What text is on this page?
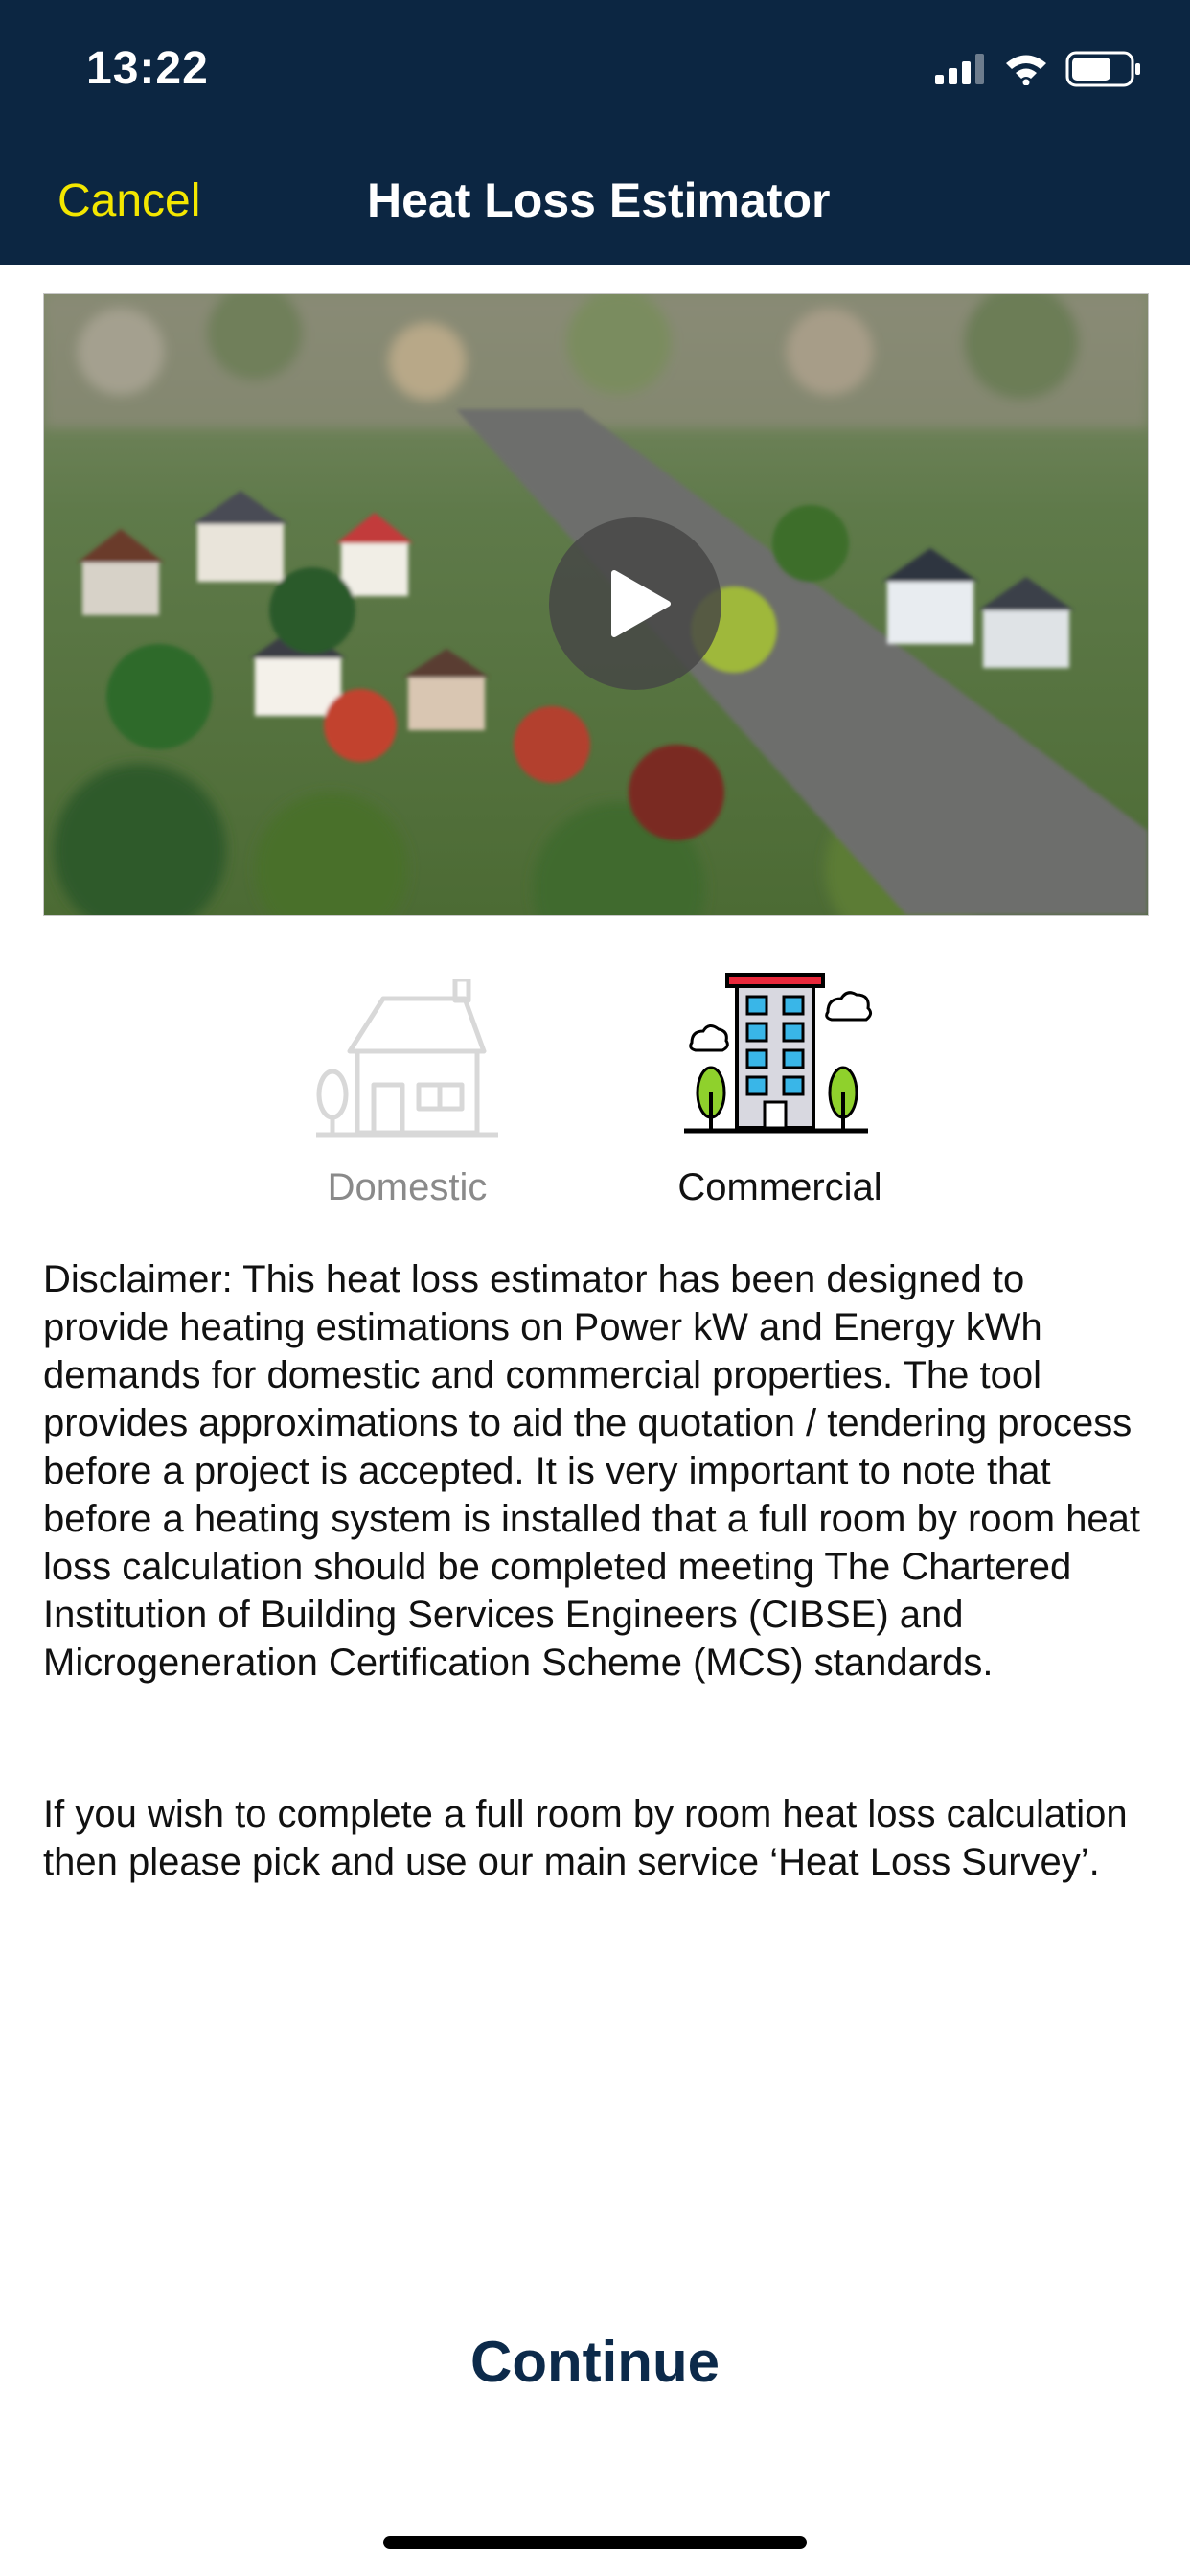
13:22
Cancel	Heat Loss Estimator
Domestic	Commercial

Disclaimer: This heat loss estimator has been designed to provide heating estimations on Power kW and Energy kWh demands for domestic and commercial properties. The tool provides approximations to aid the quotation / tendering process before a project is accepted. It is very important to note that before a heating system is installed that a full room by room heat loss calculation should be completed meeting The Chartered Institution of Building Services Engineers (CIBSE) and Microgeneration Certification Scheme (MCS) standards.

If you wish to complete a full room by room heat loss calculation then please pick and use our main service ‘Heat Loss Survey’.

Continue
